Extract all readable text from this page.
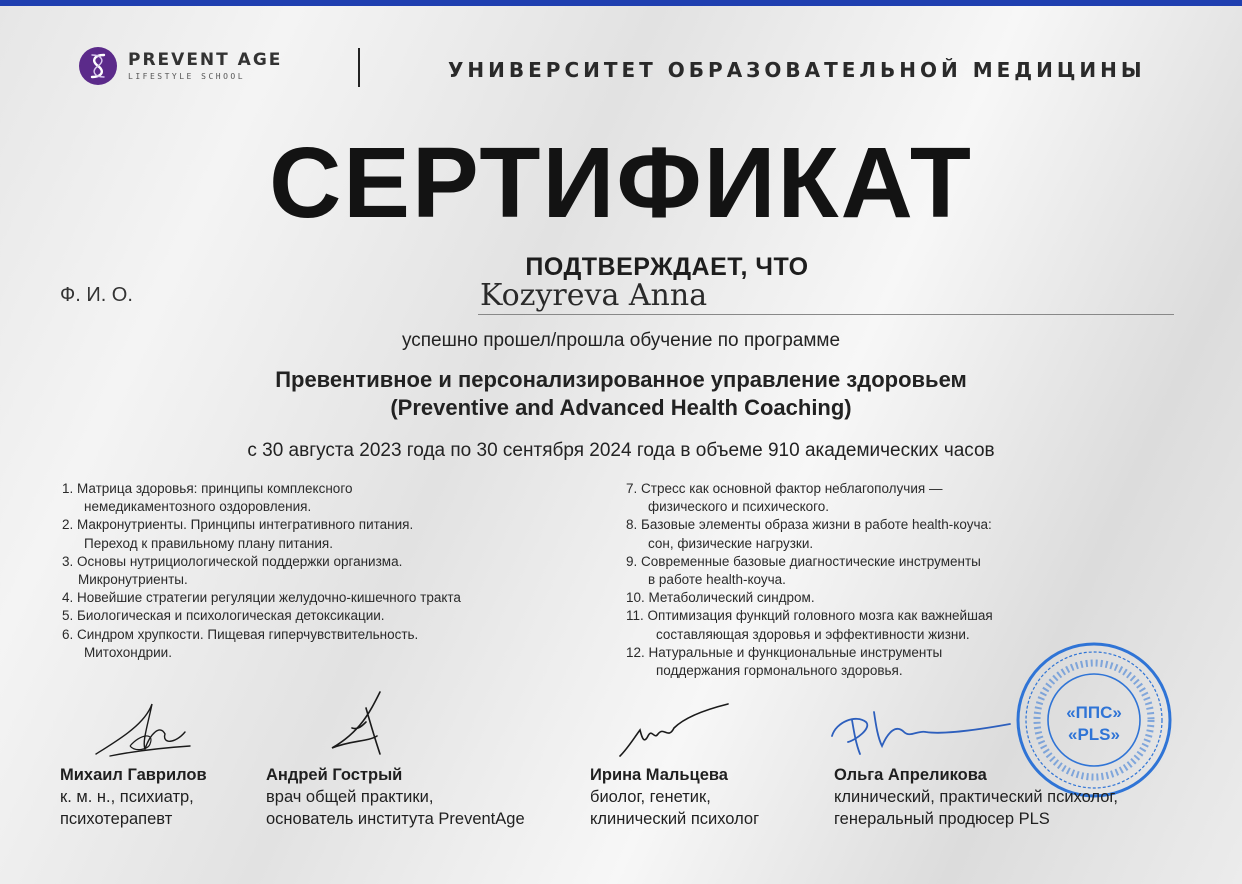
PREVENT AGE
LIFESTYLE SCHOOL	УНИВЕРСИТЕТ ОБРАЗОВАТЕЛЬНОЙ МЕДИЦИНЫ
СЕРТИФИКАТ
ПОДТВЕРЖДАЕТ, ЧТО
Ф. И. О.	Kozyreva Anna
успешно прошел/прошла обучение по программе
Превентивное и персонализированное управление здоровьем
(Preventive and Advanced Health Coaching)
с 30 августа 2023 года по 30 сентября 2024 года в объеме 910 академических часов
1. Матрица здоровья: принципы комплексного
немедикаментозного оздоровления.
2. Макронутриенты. Принципы интегративного питания.
Переход к правильному плану питания.
3. Основы нутрициологической поддержки организма.
Микронутриенты.
4. Новейшие стратегии регуляции желудочно-кишечного тракта
5. Биологическая и психологическая детоксикации.
6. Синдром хрупкости. Пищевая гиперчувствительность.
Митохондрии.
7. Стресс как основной фактор неблагополучия —
физического и психического.
8. Базовые элементы образа жизни в работе health-коуча:
сон, физические нагрузки.
9. Современные базовые диагностические инструменты
в работе health-коуча.
10. Метаболический синдром.
11. Оптимизация функций головного мозга как важнейшая
составляющая здоровья и эффективности жизни.
12. Натуральные и функциональные инструменты
поддержания гормонального здоровья.
«ППС»
«PLS»
Михаил Гаврилов
к. м. н., психиатр,
психотерапевт
Андрей Гострый
врач общей практики,
основатель института PreventAge
Ирина Мальцева
биолог, генетик,
клинический психолог
Ольга Апреликова
клинический, практический психолог,
генеральный продюсер PLS
